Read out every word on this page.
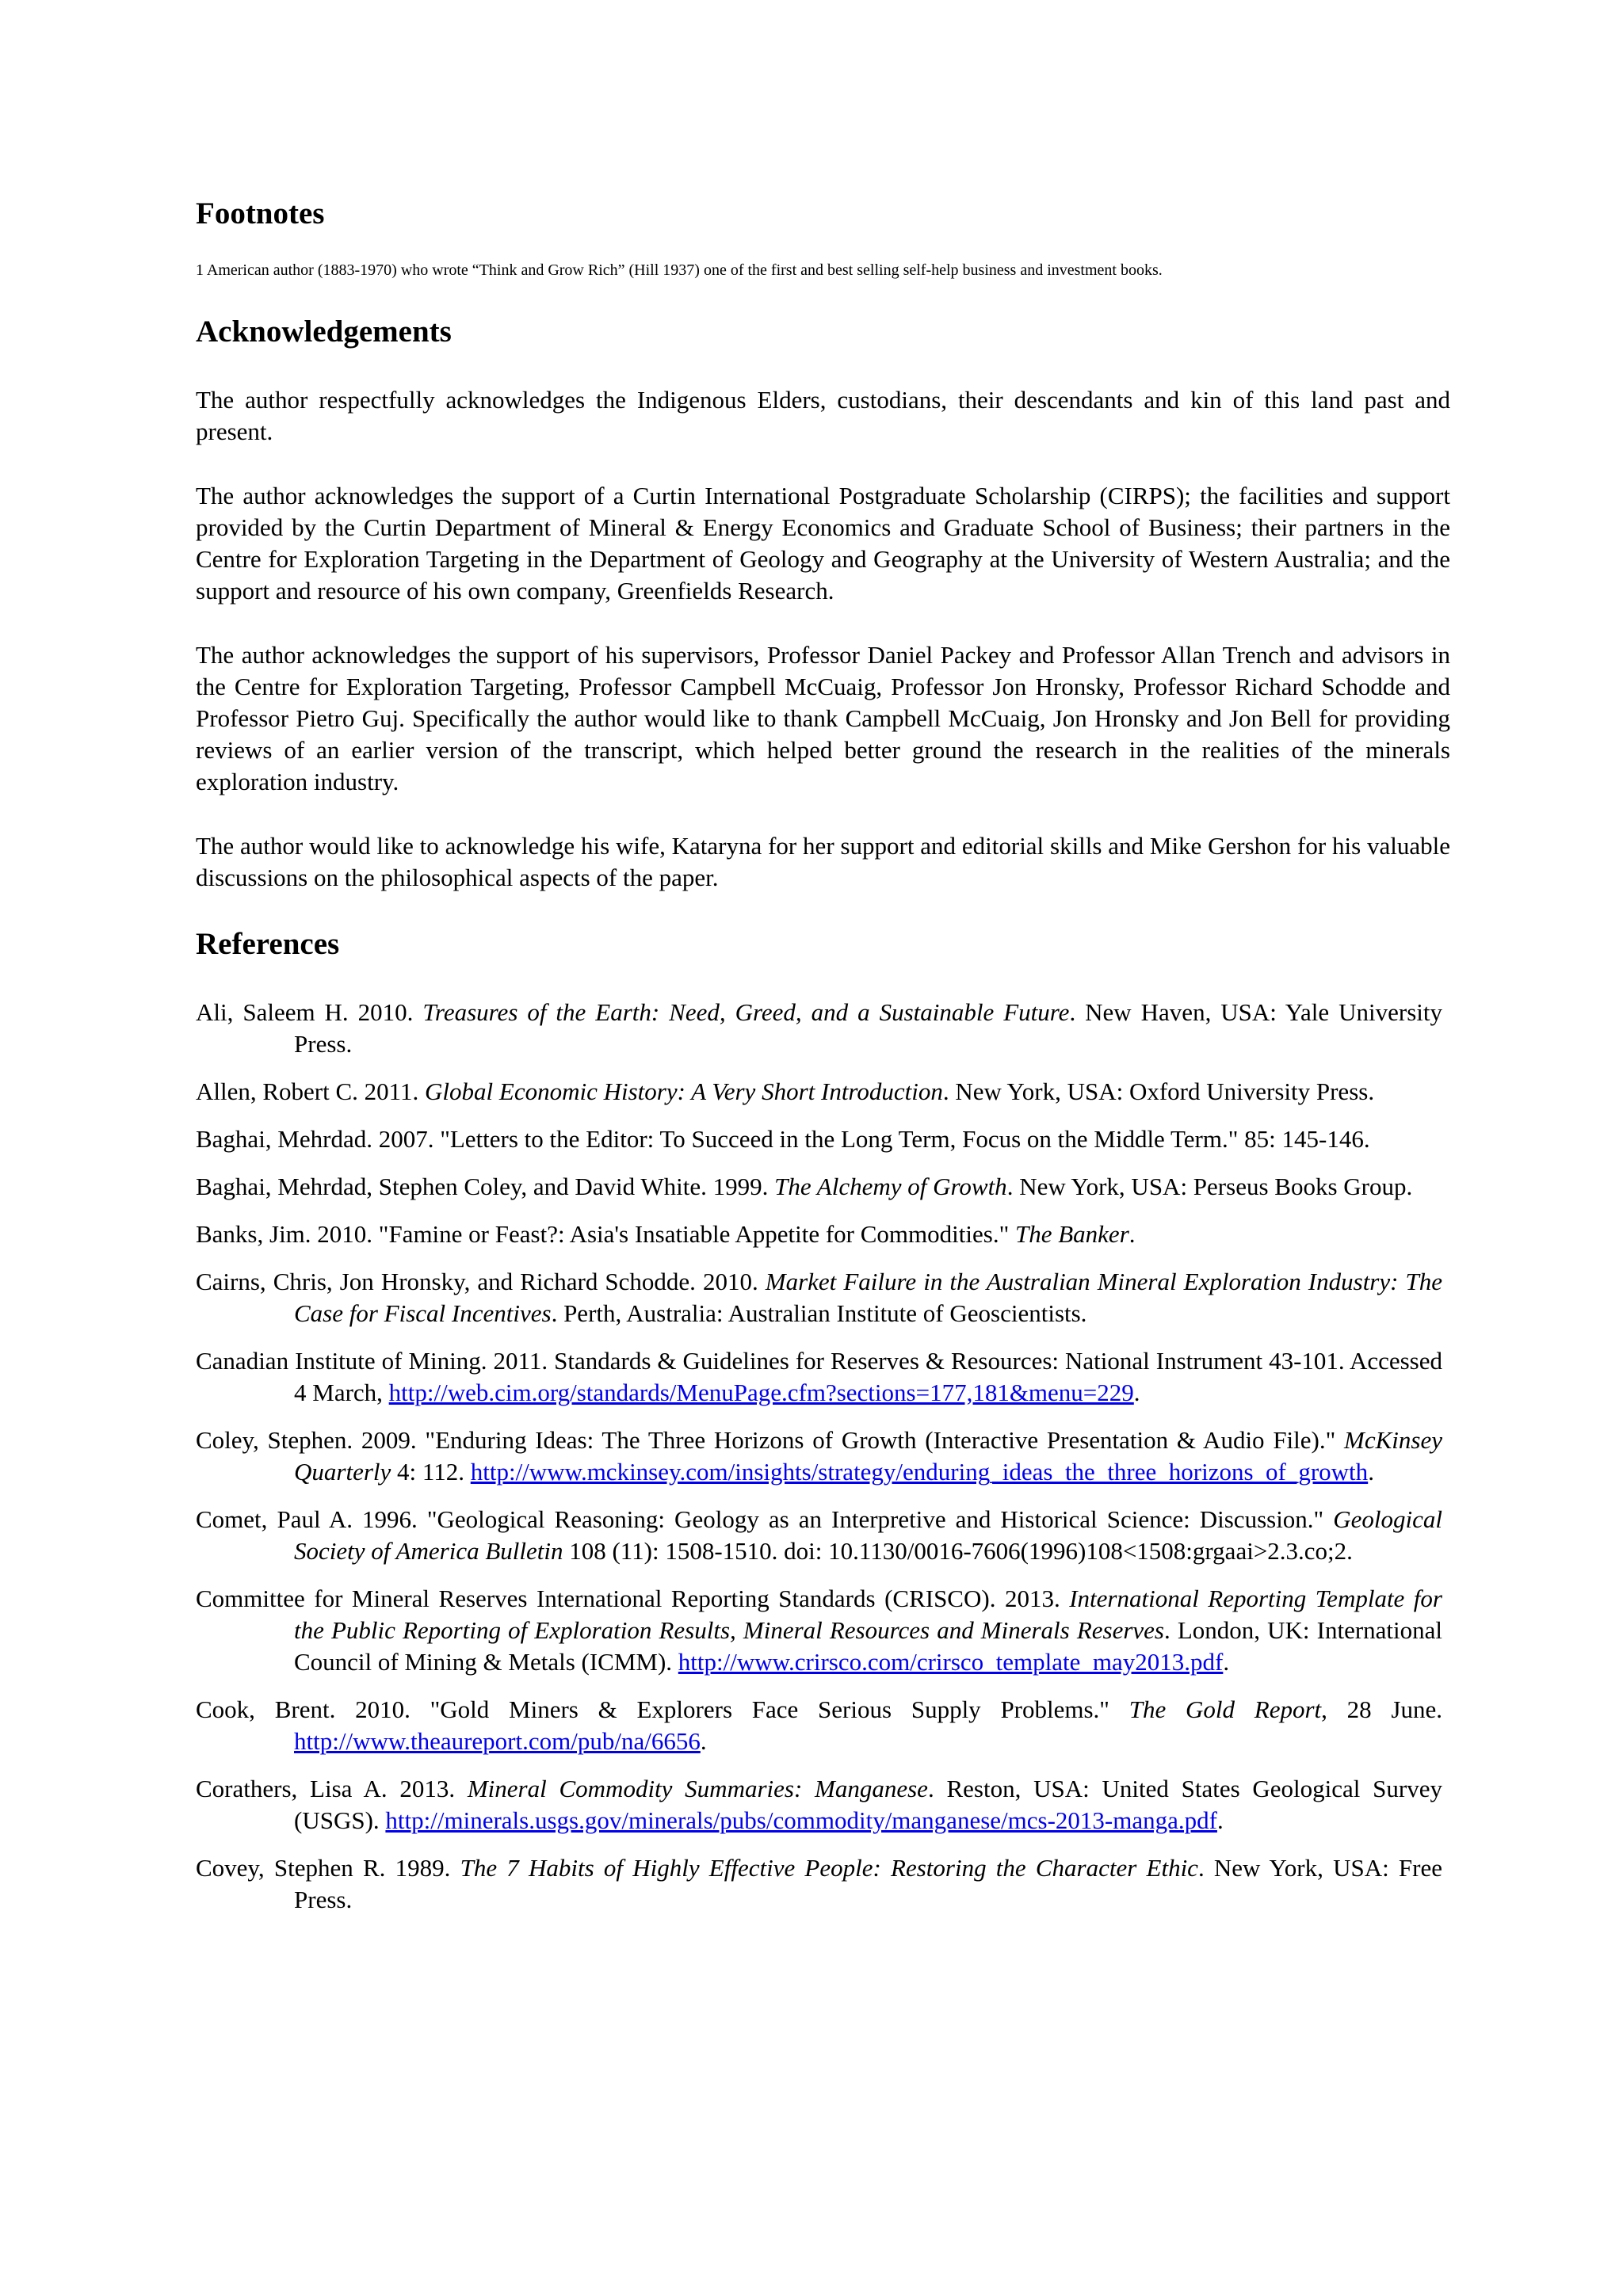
Footnotes

1 American author (1883-1970) who wrote “Think and Grow Rich” (Hill 1937) one of the first and best selling self-help business and investment books.

Acknowledgements

The author respectfully acknowledges the Indigenous Elders, custodians, their descendants and kin of this land past and present.

The author acknowledges the support of a Curtin International Postgraduate Scholarship (CIRPS); the facilities and support provided by the Curtin Department of Mineral & Energy Economics and Graduate School of Business; their partners in the Centre for Exploration Targeting in the Department of Geology and Geography at the University of Western Australia; and the support and resource of his own company, Greenfields Research.

The author acknowledges the support of his supervisors, Professor Daniel Packey and Professor Allan Trench and advisors in the Centre for Exploration Targeting, Professor Campbell McCuaig, Professor Jon Hronsky, Professor Richard Schodde and Professor Pietro Guj. Specifically the author would like to thank Campbell McCuaig, Jon Hronsky and Jon Bell for providing reviews of an earlier version of the transcript, which helped better ground the research in the realities of the minerals exploration industry.

The author would like to acknowledge his wife, Kataryna for her support and editorial skills and Mike Gershon for his valuable discussions on the philosophical aspects of the paper.

References

Ali, Saleem H. 2010. Treasures of the Earth: Need, Greed, and a Sustainable Future. New Haven, USA: Yale University Press.

Allen, Robert C. 2011. Global Economic History: A Very Short Introduction. New York, USA: Oxford University Press.

Baghai, Mehrdad. 2007. "Letters to the Editor: To Succeed in the Long Term, Focus on the Middle Term." 85: 145-146.

Baghai, Mehrdad, Stephen Coley, and David White. 1999. The Alchemy of Growth. New York, USA: Perseus Books Group.

Banks, Jim. 2010. "Famine or Feast?: Asia's Insatiable Appetite for Commodities." The Banker.

Cairns, Chris, Jon Hronsky, and Richard Schodde. 2010. Market Failure in the Australian Mineral Exploration Industry: The Case for Fiscal Incentives. Perth, Australia: Australian Institute of Geoscientists.

Canadian Institute of Mining. 2011. Standards & Guidelines for Reserves & Resources: National Instrument 43-101. Accessed 4 March, http://web.cim.org/standards/MenuPage.cfm?sections=177,181&menu=229.

Coley, Stephen. 2009. "Enduring Ideas: The Three Horizons of Growth (Interactive Presentation & Audio File)." McKinsey Quarterly 4: 112. http://www.mckinsey.com/insights/strategy/enduring_ideas_the_three_horizons_of_growth.

Comet, Paul A. 1996. "Geological Reasoning: Geology as an Interpretive and Historical Science: Discussion." Geological Society of America Bulletin 108 (11): 1508-1510. doi: 10.1130/0016-7606(1996)108<1508:grgaai>2.3.co;2.

Committee for Mineral Reserves International Reporting Standards (CRISCO). 2013. International Reporting Template for the Public Reporting of Exploration Results, Mineral Resources and Minerals Reserves. London, UK: International Council of Mining & Metals (ICMM). http://www.crirsco.com/crirsco_template_may2013.pdf.

Cook, Brent. 2010. "Gold Miners & Explorers Face Serious Supply Problems." The Gold Report, 28 June. http://www.theaureport.com/pub/na/6656.

Corathers, Lisa A. 2013. Mineral Commodity Summaries: Manganese. Reston, USA: United States Geological Survey (USGS). http://minerals.usgs.gov/minerals/pubs/commodity/manganese/mcs-2013-manga.pdf.

Covey, Stephen R. 1989. The 7 Habits of Highly Effective People: Restoring the Character Ethic. New York, USA: Free Press.
